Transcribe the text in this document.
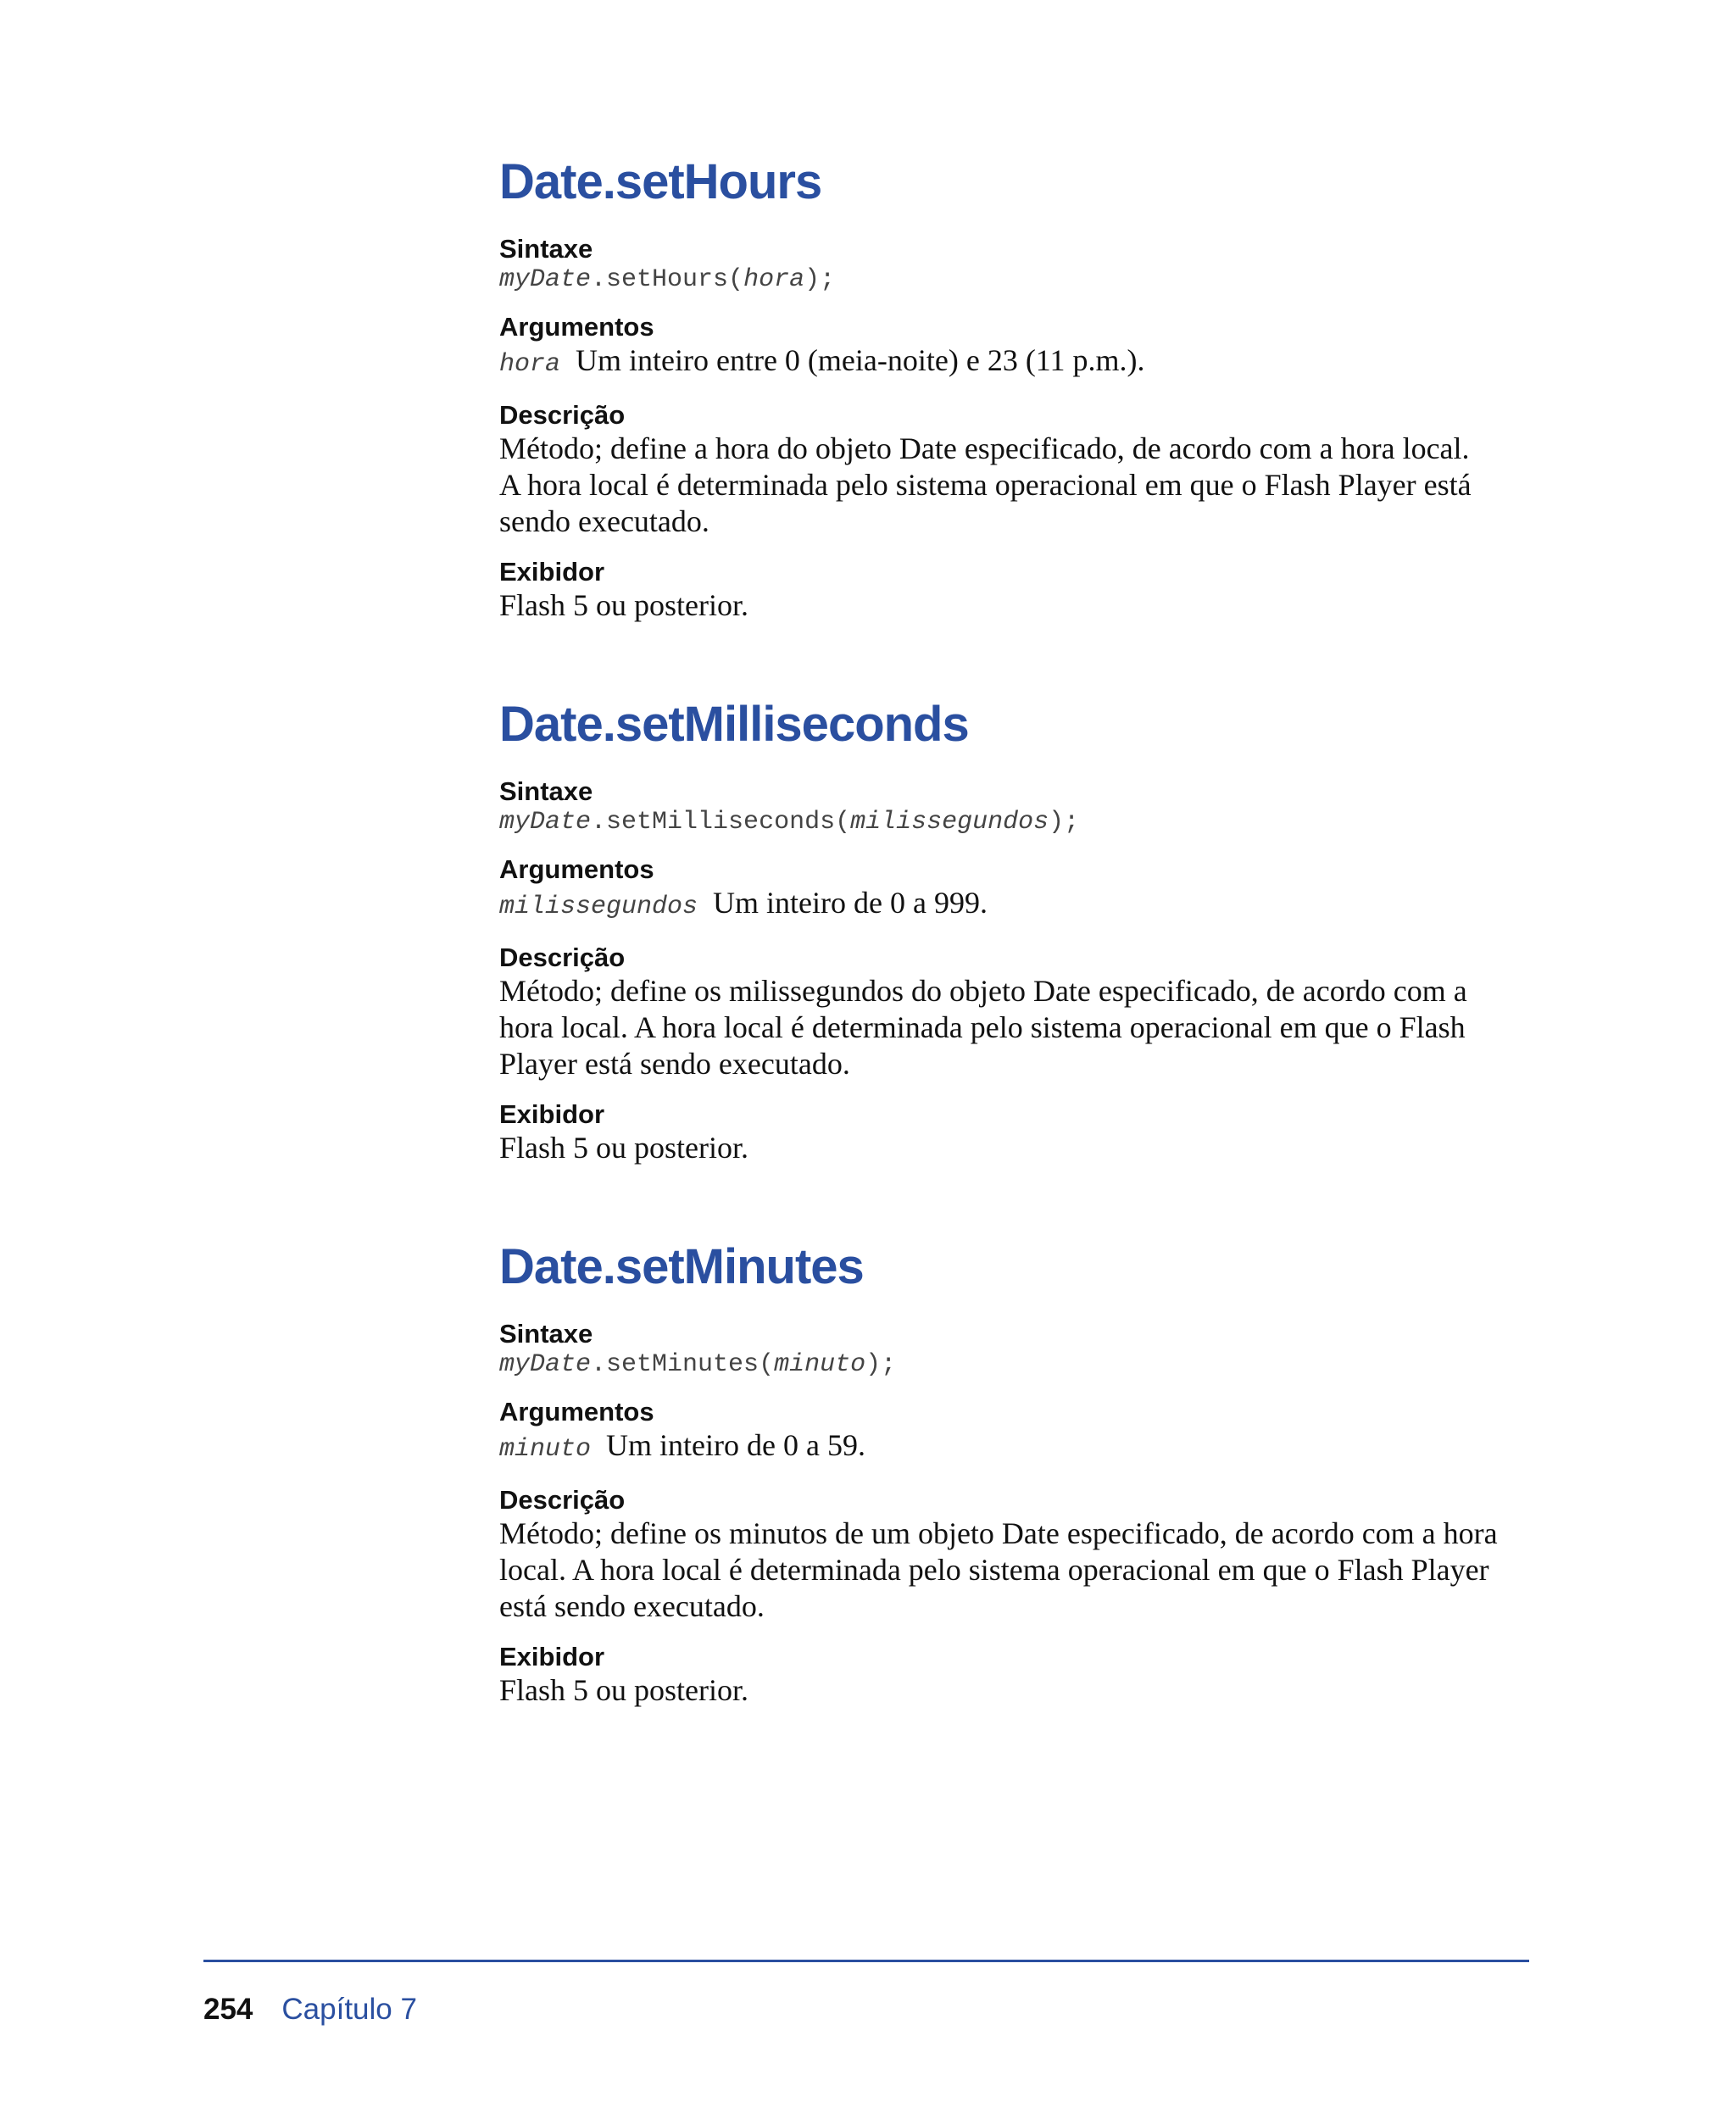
Date.setHours

Sintaxe

myDate.setHours(hora);

Argumentos

hora Um inteiro entre 0 (meia-noite) e 23 (11 p.m.).

Descrição

Método; define a hora do objeto Date especificado, de acordo com a hora local.
A hora local é determinada pelo sistema operacional em que o Flash Player está
sendo executado.

Exibidor

Flash 5 ou posterior.
Date.setMilliseconds

Sintaxe

myDate.setMilliseconds(milissegundos);

Argumentos

milissegundos Um inteiro de 0 a 999.

Descrição

Método; define os milissegundos do objeto Date especificado, de acordo com a
hora local. A hora local é determinada pelo sistema operacional em que o Flash
Player está sendo executado.

Exibidor

Flash 5 ou posterior.
Date.setMinutes

Sintaxe

myDate.setMinutes(minuto);

Argumentos

minuto Um inteiro de 0 a 59.

Descrição

Método; define os minutos de um objeto Date especificado, de acordo com a hora
local. A hora local é determinada pelo sistema operacional em que o Flash Player
está sendo executado.

Exibidor

Flash 5 ou posterior.
254 Capítulo 7
